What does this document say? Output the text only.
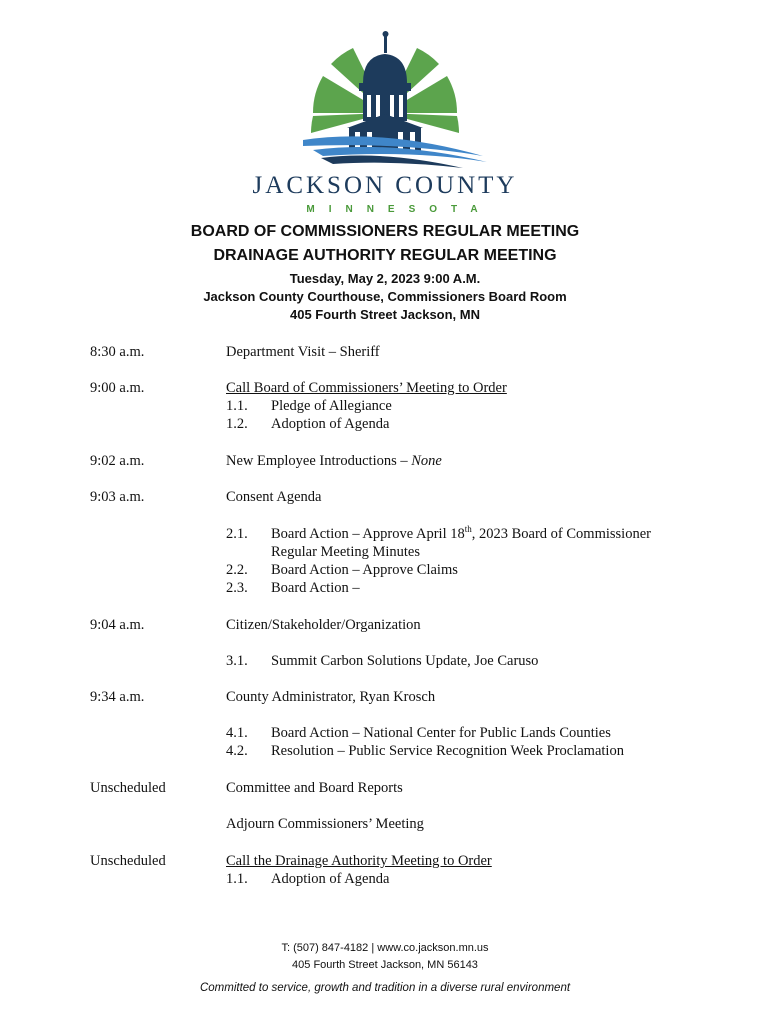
JACKSON COUNTY
MINNESOTA
BOARD OF COMMISSIONERS REGULAR MEETING
DRAINAGE AUTHORITY REGULAR MEETING
Tuesday, May 2, 2023 9:00 A.M.
Jackson County Courthouse, Commissioners Board Room
405 Fourth Street Jackson, MN
8:30 a.m.	Department Visit – Sheriff
9:00 a.m.	Call Board of Commissioners’ Meeting to Order
1.1. Pledge of Allegiance
1.2. Adoption of Agenda
9:02 a.m.	New Employee Introductions – None
9:03 a.m.	Consent Agenda
2.1. Board Action – Approve April 18th, 2023 Board of Commissioner
Regular Meeting Minutes
2.2. Board Action – Approve Claims
2.3. Board Action –
9:04 a.m.	Citizen/Stakeholder/Organization
3.1. Summit Carbon Solutions Update, Joe Caruso
9:34 a.m.	County Administrator, Ryan Krosch
4.1. Board Action – National Center for Public Lands Counties
4.2. Resolution – Public Service Recognition Week Proclamation
Unscheduled	Committee and Board Reports
Adjourn Commissioners’ Meeting
Unscheduled	Call the Drainage Authority Meeting to Order
1.1. Adoption of Agenda
T: (507) 847-4182 | www.co.jackson.mn.us
405 Fourth Street Jackson, MN 56143
Committed to service, growth and tradition in a diverse rural environment
